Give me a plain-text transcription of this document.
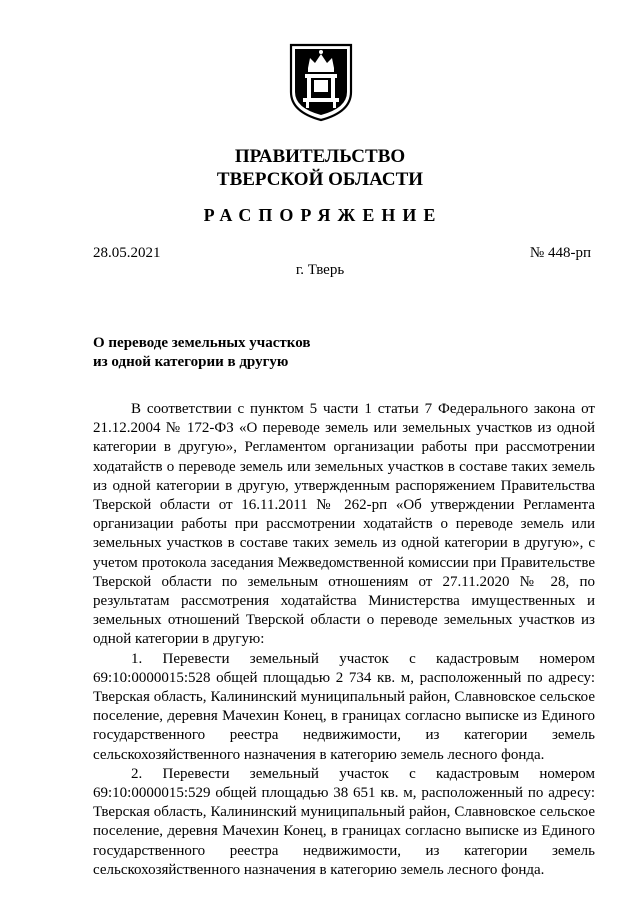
ПРАВИТЕЛЬСТВО
ТВЕРСКОЙ ОБЛАСТИ
РАСПОРЯЖЕНИЕ
28.05.2021	№ 448-рп
г. Тверь
О переводе земельных участков
из одной категории в другую

В соответствии с пунктом 5 части 1 статьи 7 Федерального закона от 21.12.2004 № 172-ФЗ «О переводе земель или земельных участков из одной категории в другую», Регламентом организации работы при рассмотрении ходатайств о переводе земель или земельных участков в составе таких земель из одной категории в другую, утвержденным распоряжением Правительства Тверской области от 16.11.2011 № 262-рп «Об утверждении Регламента организации работы при рассмотрении ходатайств о переводе земель или земельных участков в составе таких земель из одной категории в другую», с учетом протокола заседания Межведомственной комиссии при Правительстве Тверской области по земельным отношениям от 27.11.2020 № 28, по результатам рассмотрения ходатайства Министерства имущественных и земельных отношений Тверской области о переводе земельных участков из одной категории в другую:

1. Перевести земельный участок с кадастровым номером 69:10:0000015:528 общей площадью 2 734 кв. м, расположенный по адресу: Тверская область, Калининский муниципальный район, Славновское сельское поселение, деревня Мачехин Конец, в границах согласно выписке из Единого государственного реестра недвижимости, из категории земель сельскохозяйственного назначения в категорию земель лесного фонда.

2. Перевести земельный участок с кадастровым номером 69:10:0000015:529 общей площадью 38 651 кв. м, расположенный по адресу: Тверская область, Калининский муниципальный район, Славновское сельское поселение, деревня Мачехин Конец, в границах согласно выписке из Единого государственного реестра недвижимости, из категории земель сельскохозяйственного назначения в категорию земель лесного фонда.
